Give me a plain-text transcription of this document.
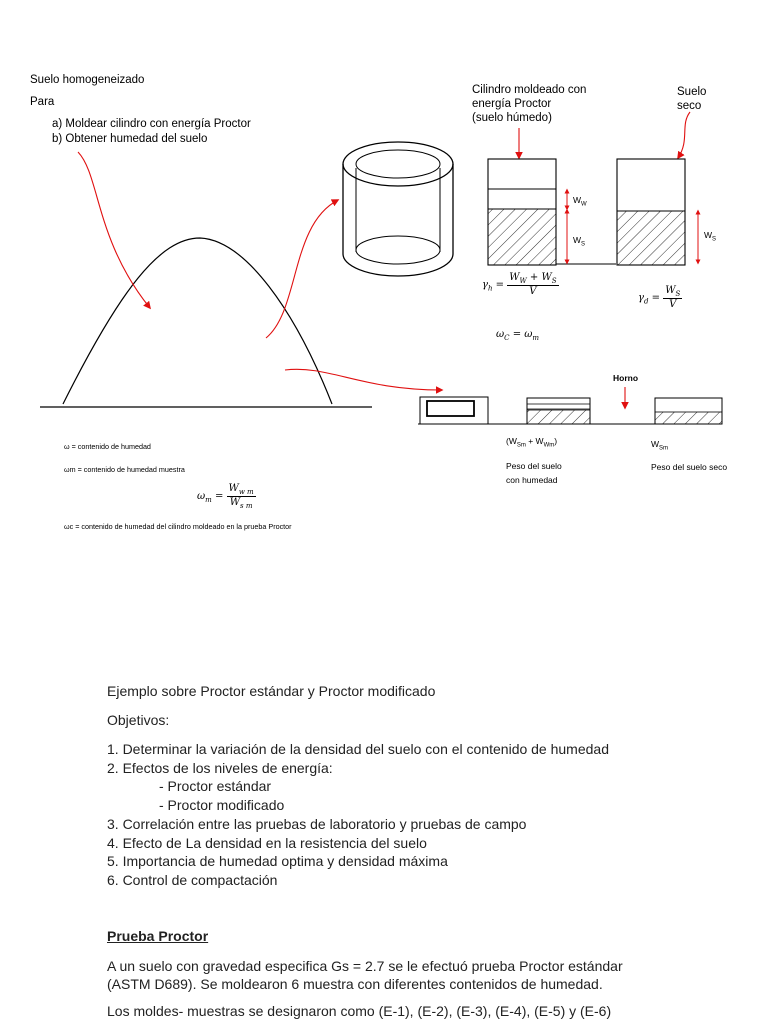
Suelo homogeneizado
Para
a) Moldear cilindro con energía Proctor
b) Obtener humedad del suelo
Cilindro moldeado con
energía Proctor
(suelo húmedo)
Suelo
seco
$W_W$
$W_S$
$W_S$
$\gamma_h = \frac{W_W + W_S}{V}$
$\gamma_d = \frac{W_S}{V}$
$\omega_C = \omega_m$
Horno
$(W_{Sm} + W_{Wm})$	$W_{Sm}$
Peso del suelo
con humedad
Peso del suelo seco
ω = contenido de humedad
ωm = contenido de humedad muestra
$\omega_m = \frac{W_{w m}}{W_{s m}}$
ωc = contenido de humedad del cilindro moldeado en la prueba Proctor
Ejemplo sobre Proctor estándar y Proctor modificado
Objetivos:
1. Determinar la variación de la densidad del suelo con el contenido de humedad
2. Efectos de los niveles de energía:
- Proctor estándar
- Proctor modificado
3. Correlación entre las pruebas de laboratorio y pruebas de campo
4. Efecto de La densidad en la resistencia del suelo
5. Importancia de humedad optima y densidad máxima
6. Control de compactación
Prueba Proctor
A un suelo con gravedad especifica Gs = 2.7 se le efectuó prueba Proctor estándar
(ASTM D689). Se moldearon 6 muestra con diferentes contenidos de humedad.
Los moldes- muestras se designaron como (E-1), (E-2), (E-3), (E-4), (E-5) y (E-6)
